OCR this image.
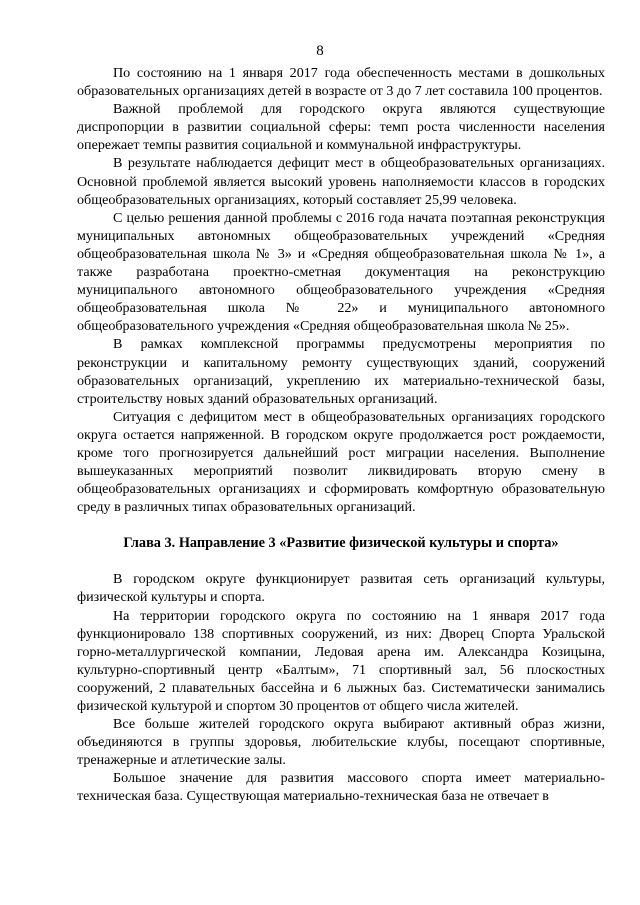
8

По состоянию на 1 января 2017 года обеспеченность местами в дошкольных образовательных организациях детей в возрасте от 3 до 7 лет составила 100 процентов.

Важной проблемой для городского округа являются существующие диспропорции в развитии социальной сферы: темп роста численности населения опережает темпы развития социальной и коммунальной инфраструктуры.

В результате наблюдается дефицит мест в общеобразовательных организациях. Основной проблемой является высокий уровень наполняемости классов в городских общеобразовательных организациях, который составляет 25,99 человека.

С целью решения данной проблемы с 2016 года начата поэтапная реконструкция муниципальных автономных общеобразовательных учреждений «Средняя общеобразовательная школа № 3» и «Средняя общеобразовательная школа № 1», а также разработана проектно-сметная документация на реконструкцию муниципального автономного общеобразовательного учреждения «Средняя общеобразовательная школа № 22» и муниципального автономного общеобразовательного учреждения «Средняя общеобразовательная школа № 25».

В рамках комплексной программы предусмотрены мероприятия по реконструкции и капитальному ремонту существующих зданий, сооружений образовательных организаций, укреплению их материально-технической базы, строительству новых зданий образовательных организаций.

Ситуация с дефицитом мест в общеобразовательных организациях городского округа остается напряженной. В городском округе продолжается рост рождаемости, кроме того прогнозируется дальнейший рост миграции населения. Выполнение вышеуказанных мероприятий позволит ликвидировать вторую смену в общеобразовательных организациях и сформировать комфортную образовательную среду в различных типах образовательных организаций.

Глава 3. Направление 3 «Развитие физической культуры и спорта»

В городском округе функционирует развитая сеть организаций культуры, физической культуры и спорта.

На территории городского округа по состоянию на 1 января 2017 года функционировало 138 спортивных сооружений, из них: Дворец Спорта Уральской горно-металлургической компании, Ледовая арена им. Александра Козицына, культурно-спортивный центр «Балтым», 71 спортивный зал, 56 плоскостных сооружений, 2 плавательных бассейна и 6 лыжных баз. Систематически занимались физической культурой и спортом 30 процентов от общего числа жителей.

Все больше жителей городского округа выбирают активный образ жизни, объединяются в группы здоровья, любительские клубы, посещают спортивные, тренажерные и атлетические залы.

Большое значение для развития массового спорта имеет материально-техническая база. Существующая материально-техническая база не отвечает в
